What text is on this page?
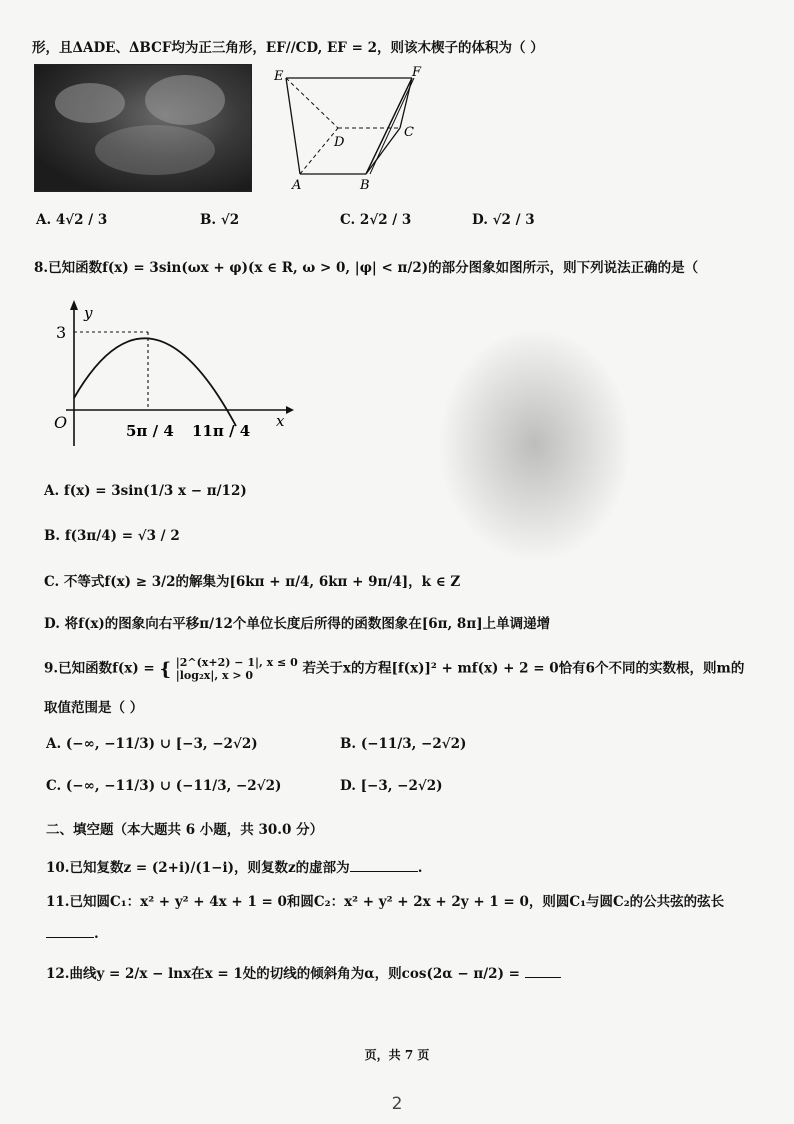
形，且ΔADE、ΔBCF均为正三角形，EF//CD, EF = 2，则该木楔子的体积为（ ）
E	F
D
C
A	B
A. 4√2 / 3	B. √2	C. 2√2 / 3	D. √2 / 3
8.已知函数f(x) = 3sin(ωx + φ)(x ∈ R, ω > 0, |φ| < π/2)的部分图象如图所示，则下列说法正确的是（
y
x
O
3
5π / 4 11π / 4
A. f(x) = 3sin(1/3 x − π/12)
B. f(3π/4) = √3 / 2
C. 不等式f(x) ≥ 3/2的解集为[6kπ + π/4, 6kπ + 9π/4]，k ∈ Z
D. 将f(x)的图象向右平移π/12个单位长度后所得的函数图象在[6π, 8π]上单调递增
9.已知函数f(x) = { |2^(x+2) − 1|, x ≤ 0
|log₂x|, x > 0	若关于x的方程[f(x)]² + mf(x) + 2 = 0恰有6个不同的实数根，则m的
取值范围是（ ）
A. (−∞, −11/3) ∪ [−3, −2√2)	B. (−11/3, −2√2)
C. (−∞, −11/3) ∪ (−11/3, −2√2)	D. [−3, −2√2)
二、填空题（本大题共 6 小题，共 30.0 分）
10.已知复数z = (2+i)/(1−i)，则复数z的虚部为	.
11.已知圆C₁：x² + y² + 4x + 1 = 0和圆C₂：x² + y² + 2x + 2y + 1 = 0，则圆C₁与圆C₂的公共弦的弦长
.
12.曲线y = 2/x − lnx在x = 1处的切线的倾斜角为α，则cos(2α − π/2) =
页，共 7 页
2
